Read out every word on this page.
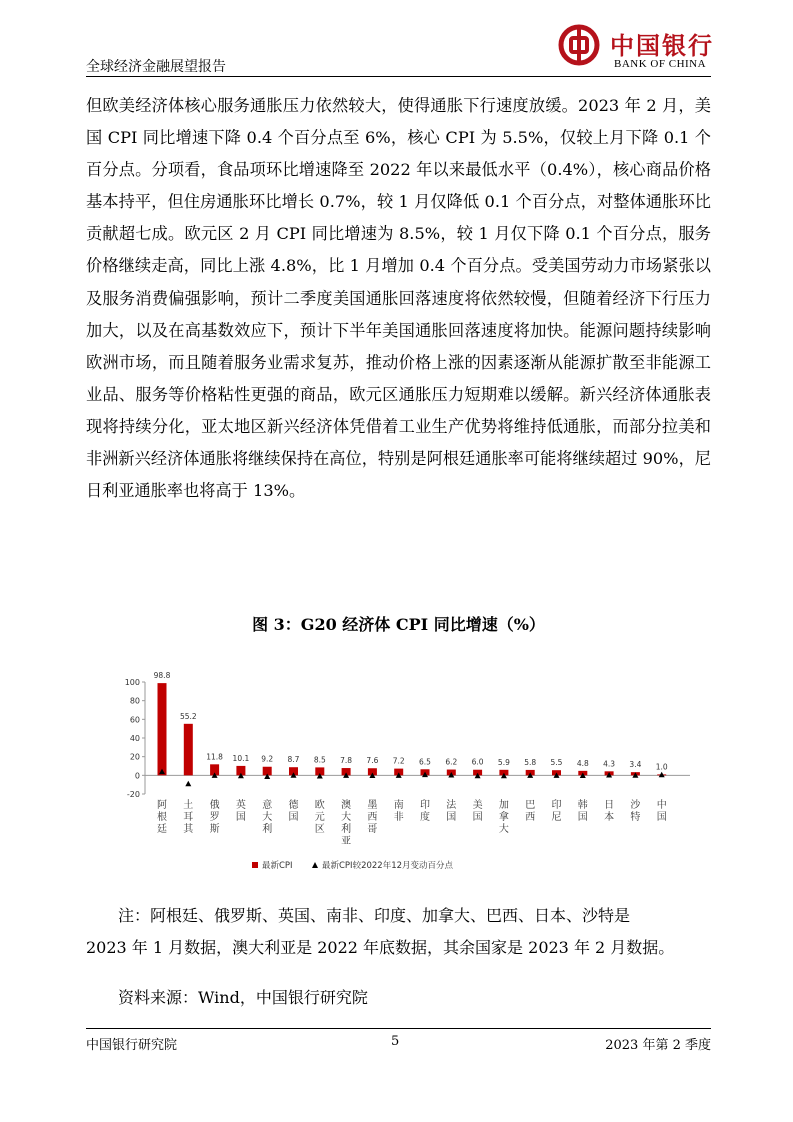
全球经济金融展望报告
中国银行
BANK OF CHINA

但欧美经济体核心服务通胀压力依然较大，使得通胀下行速度放缓。2023 年 2 月，美国 CPI 同比增速下降 0.4 个百分点至 6%，核心 CPI 为 5.5%，仅较上月下降 0.1 个百分点。分项看，食品项环比增速降至 2022 年以来最低水平（0.4%），核心商品价格基本持平，但住房通胀环比增长 0.7%，较 1 月仅降低 0.1 个百分点，对整体通胀环比贡献超七成。欧元区 2 月 CPI 同比增速为 8.5%，较 1 月仅下降 0.1 个百分点，服务价格继续走高，同比上涨 4.8%，比 1 月增加 0.4 个百分点。受美国劳动力市场紧张以及服务消费偏强影响，预计二季度美国通胀回落速度将依然较慢，但随着经济下行压力加大，以及在高基数效应下，预计下半年美国通胀回落速度将加快。能源问题持续影响欧洲市场，而且随着服务业需求复苏，推动价格上涨的因素逐渐从能源扩散至非能源工业品、服务等价格粘性更强的商品，欧元区通胀压力短期难以缓解。新兴经济体通胀表现将持续分化，亚太地区新兴经济体凭借着工业生产优势将维持低通胀，而部分拉美和非洲新兴经济体通胀将继续保持在高位，特别是阿根廷通胀率可能将继续超过 90%，尼日利亚通胀率也将高于 13%。

图 3：G20 经济体 CPI 同比增速（%）
-20
0
20
40
60
80
100
98.8
阿根廷
55.2
土耳其
11.8
俄罗斯
10.1
英国
9.2
意大利
8.7
德国
8.5
欧元区
7.8
澳大利亚
7.6
墨西哥
7.2
南非
6.5
印度
6.2
法国
6.0
美国
5.9
加拿大
5.8
巴西
5.5
印尼
4.8
韩国
4.3
日本
3.4
沙特
1.0
中国
最新CPI	最新CPI较2022年12月变动百分点

注：阿根廷、俄罗斯、英国、南非、印度、加拿大、巴西、日本、沙特是

2023 年 1 月数据，澳大利亚是 2022 年底数据，其余国家是 2023 年 2 月数据。

资料来源：Wind，中国银行研究院
中国银行研究院	5	2023 年第 2 季度
